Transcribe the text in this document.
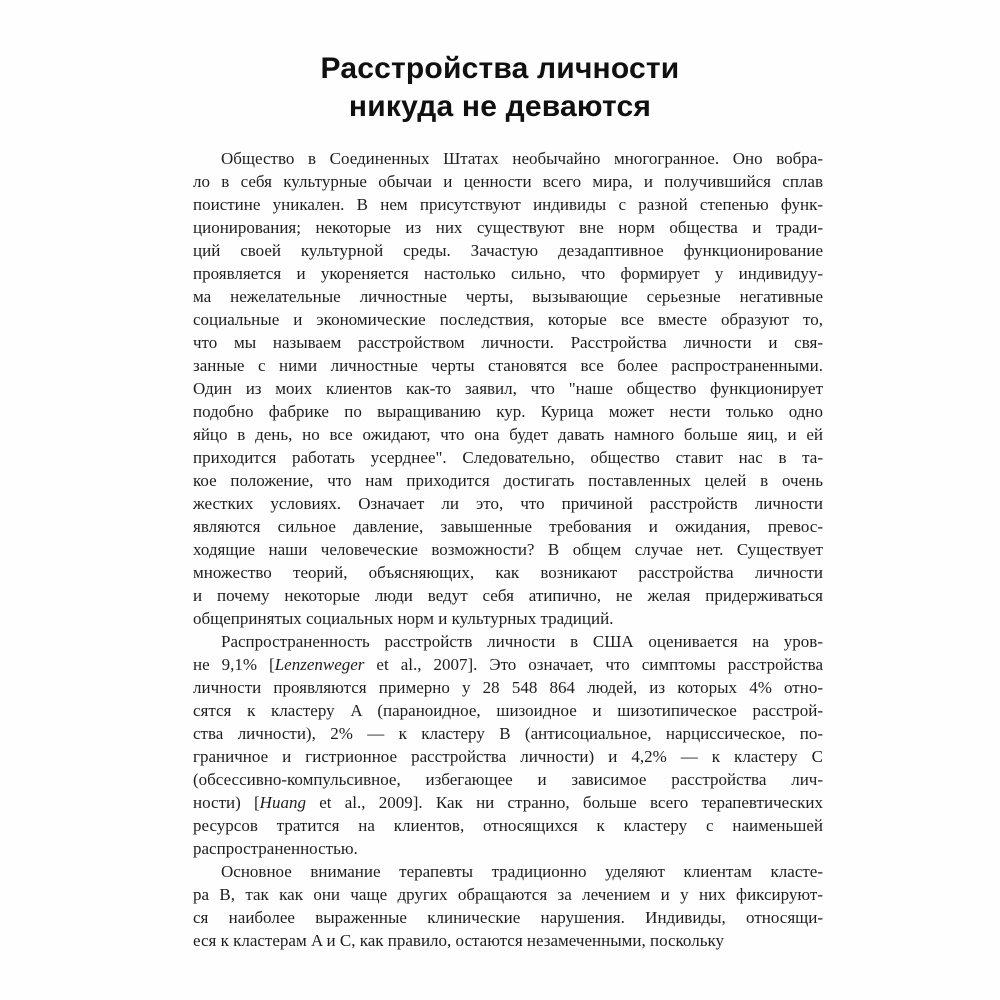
Расстройства личности
никуда не деваются
Общество в Соединенных Штатах необычайно многогранное. Оно вобра-
ло в себя культурные обычаи и ценности всего мира, и получившийся сплав
поистине уникален. В нем присутствуют индивиды с разной степенью функ-
ционирования; некоторые из них существуют вне норм общества и тради-
ций своей культурной среды. Зачастую дезадаптивное функционирование
проявляется и укореняется настолько сильно, что формирует у индивидуу-
ма нежелательные личностные черты, вызывающие серьезные негативные
социальные и экономические последствия, которые все вместе образуют то,
что мы называем расстройством личности. Расстройства личности и свя-
занные с ними личностные черты становятся все более распространенными.
Один из моих клиентов как-то заявил, что "наше общество функционирует
подобно фабрике по выращиванию кур. Курица может нести только одно
яйцо в день, но все ожидают, что она будет давать намного больше яиц, и ей
приходится работать усерднее". Следовательно, общество ставит нас в та-
кое положение, что нам приходится достигать поставленных целей в очень
жестких условиях. Означает ли это, что причиной расстройств личности
являются сильное давление, завышенные требования и ожидания, превос-
ходящие наши человеческие возможности? В общем случае нет. Существует
множество теорий, объясняющих, как возникают расстройства личности
и почему некоторые люди ведут себя атипично, не желая придерживаться
общепринятых социальных норм и культурных традиций.
Распространенность расстройств личности в США оценивается на уров-
не 9,1% [Lenzenweger et al., 2007]. Это означает, что симптомы расстройства
личности проявляются примерно у 28 548 864 людей, из которых 4% отно-
сятся к кластеру A (параноидное, шизоидное и шизотипическое расстрой-
ства личности), 2% — к кластеру B (антисоциальное, нарциссическое, по-
граничное и гистрионное расстройства личности) и 4,2% — к кластеру C
(обсессивно-компульсивное, избегающее и зависимое расстройства лич-
ности) [Huang et al., 2009]. Как ни странно, больше всего терапевтических
ресурсов тратится на клиентов, относящихся к кластеру с наименьшей
распространенностью.
Основное внимание терапевты традиционно уделяют клиентам класте-
ра B, так как они чаще других обращаются за лечением и у них фиксируют-
ся наиболее выраженные клинические нарушения. Индивиды, относящи-
еся к кластерам A и C, как правило, остаются незамеченными, поскольку
